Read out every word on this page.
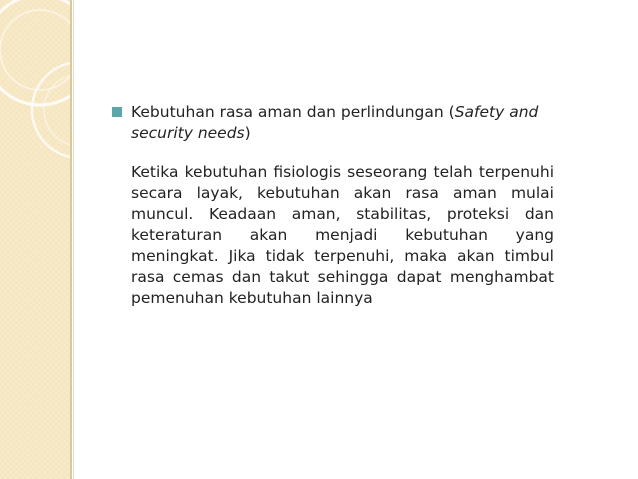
Kebutuhan rasa aman dan perlindungan (Safety and security needs)
Ketika kebutuhan fisiologis seseorang telah terpenuhi secara layak, kebutuhan akan rasa aman mulai muncul. Keadaan aman, stabilitas, proteksi dan keteraturan akan menjadi kebutuhan yang meningkat. Jika tidak terpenuhi, maka akan timbul rasa cemas dan takut sehingga dapat menghambat pemenuhan kebutuhan lainnya
